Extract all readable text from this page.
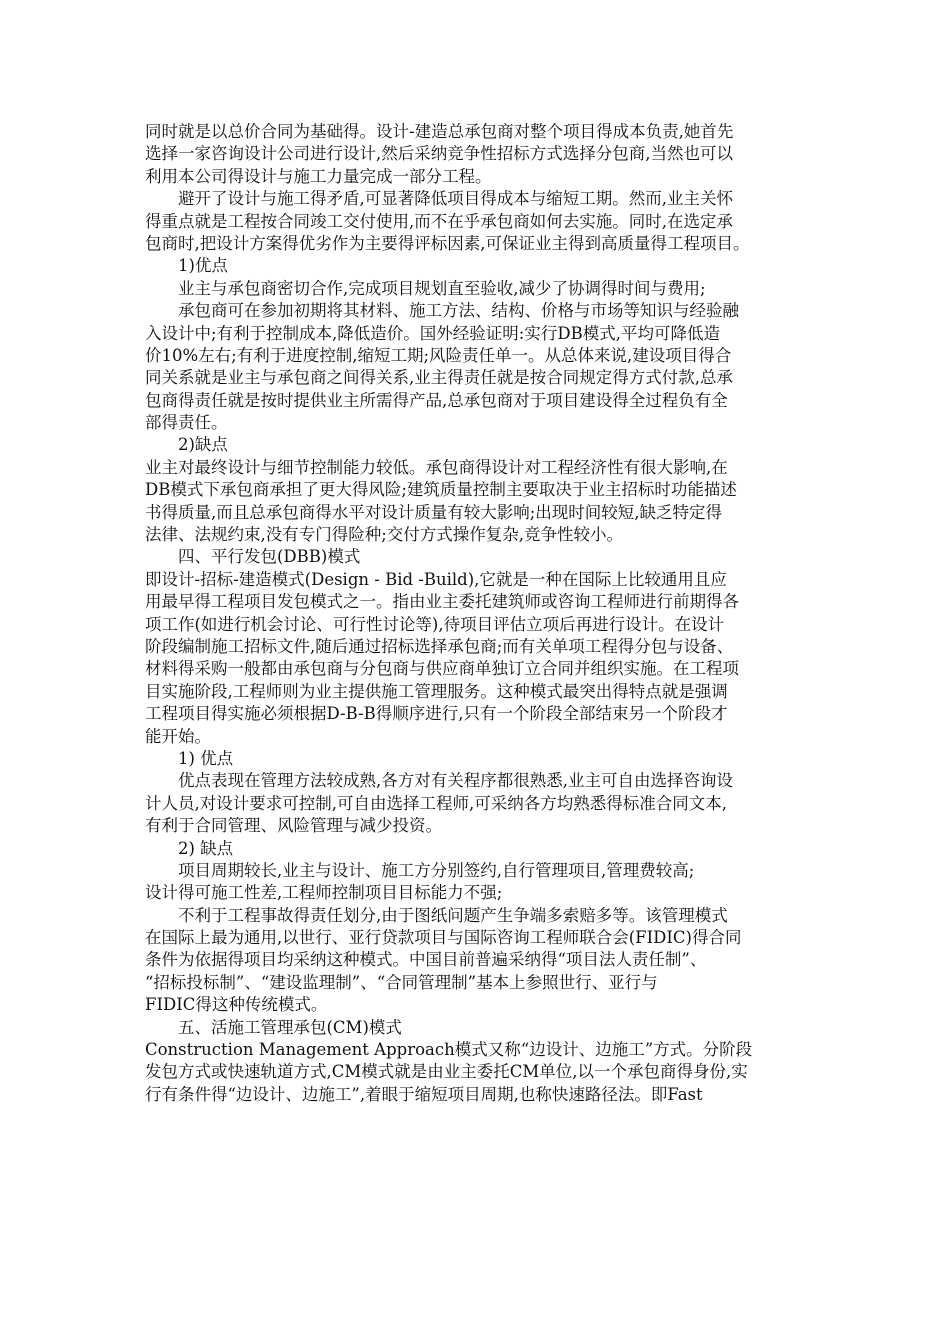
同时就是以总价合同为基础得。设计-建造总承包商对整个项目得成本负责,她首先
选择一家咨询设计公司进行设计,然后采纳竞争性招标方式选择分包商,当然也可以
利用本公司得设计与施工力量完成一部分工程。
避开了设计与施工得矛盾,可显著降低项目得成本与缩短工期。然而,业主关怀
得重点就是工程按合同竣工交付使用,而不在乎承包商如何去实施。同时,在选定承
包商时,把设计方案得优劣作为主要得评标因素,可保证业主得到高质量得工程项目。
1)优点
业主与承包商密切合作,完成项目规划直至验收,减少了协调得时间与费用;
承包商可在参加初期将其材料、施工方法、结构、价格与市场等知识与经验融
入设计中;有利于控制成本,降低造价。国外经验证明:实行DB模式,平均可降低造
价10%左右;有利于进度控制,缩短工期;风险责任单一。从总体来说,建设项目得合
同关系就是业主与承包商之间得关系,业主得责任就是按合同规定得方式付款,总承
包商得责任就是按时提供业主所需得产品,总承包商对于项目建设得全过程负有全
部得责任。
2)缺点
业主对最终设计与细节控制能力较低。承包商得设计对工程经济性有很大影响,在
DB模式下承包商承担了更大得风险;建筑质量控制主要取决于业主招标时功能描述
书得质量,而且总承包商得水平对设计质量有较大影响;出现时间较短,缺乏特定得
法律、法规约束,没有专门得险种;交付方式操作复杂,竞争性较小。
四、平行发包(DBB)模式
即设计-招标-建造模式(Design - Bid -Build),它就是一种在国际上比较通用且应
用最早得工程项目发包模式之一。指由业主委托建筑师或咨询工程师进行前期得各
项工作(如进行机会讨论、可行性讨论等),待项目评估立项后再进行设计。在设计
阶段编制施工招标文件,随后通过招标选择承包商;而有关单项工程得分包与设备、
材料得采购一般都由承包商与分包商与供应商单独订立合同并组织实施。在工程项
目实施阶段,工程师则为业主提供施工管理服务。这种模式最突出得特点就是强调
工程项目得实施必须根据D-B-B得顺序进行,只有一个阶段全部结束另一个阶段才
能开始。
1) 优点
优点表现在管理方法较成熟,各方对有关程序都很熟悉,业主可自由选择咨询设
计人员,对设计要求可控制,可自由选择工程师,可采纳各方均熟悉得标准合同文本,
有利于合同管理、风险管理与减少投资。
2) 缺点
项目周期较长,业主与设计、施工方分别签约,自行管理项目,管理费较高;
设计得可施工性差,工程师控制项目目标能力不强;
不利于工程事故得责任划分,由于图纸问题产生争端多索赔多等。该管理模式
在国际上最为通用,以世行、亚行贷款项目与国际咨询工程师联合会(FIDIC)得合同
条件为依据得项目均采纳这种模式。中国目前普遍采纳得“项目法人责任制”、
“招标投标制”、“建设监理制”、“合同管理制”基本上参照世行、亚行与
FIDIC得这种传统模式。
五、活施工管理承包(CM)模式
Construction Management Approach模式又称“边设计、边施工”方式。分阶段
发包方式或快速轨道方式,CM模式就是由业主委托CM单位,以一个承包商得身份,实
行有条件得“边设计、边施工”,着眼于缩短项目周期,也称快速路径法。即Fast
